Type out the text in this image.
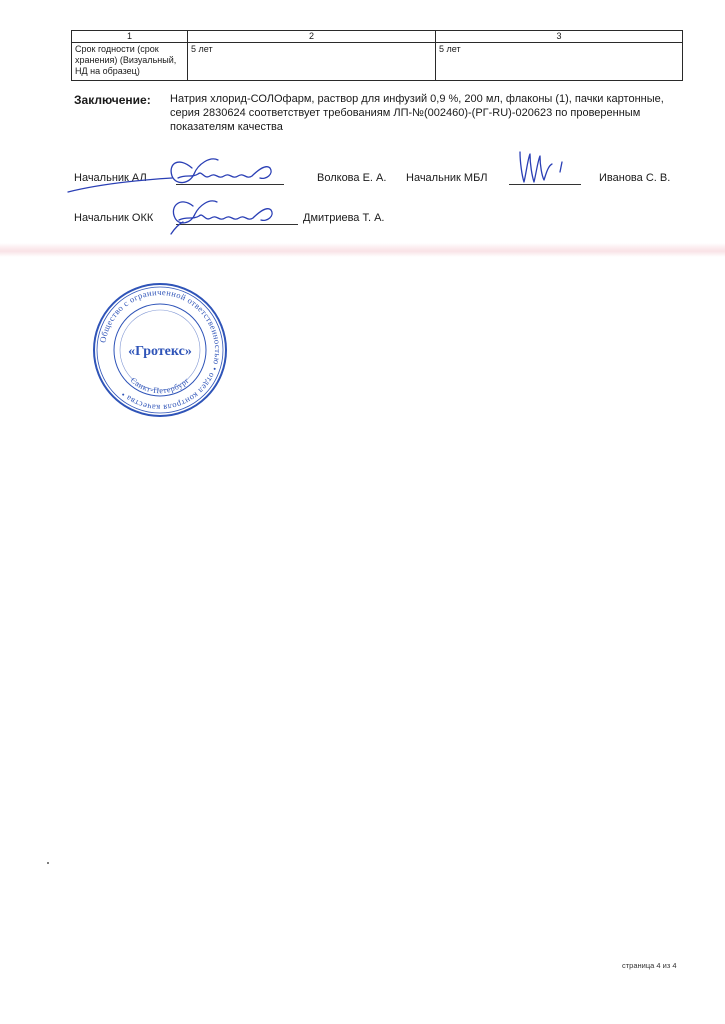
1	2	3
Срок годности (срок хранения) (Визуальный, НД на образец)	5 лет	5 лет
Заключение: Натрия хлорид-СОЛОфарм, раствор для инфузий 0,9 %, 200 мл, флаконы (1), пачки картонные, серия 2830624 соответствует требованиям ЛП-№(002460)-(РГ-RU)-020623 по проверенным показателям качества
Начальник АЛ	Волкова Е. А. Начальник МБЛ	Иванова С. В.
Начальник ОКК	Дмитриева Т. А.
Общество с ограниченной ответственностью • отдел контроля качества •
«Гротекс»
Санкт-Петербург
страница 4 из 4
